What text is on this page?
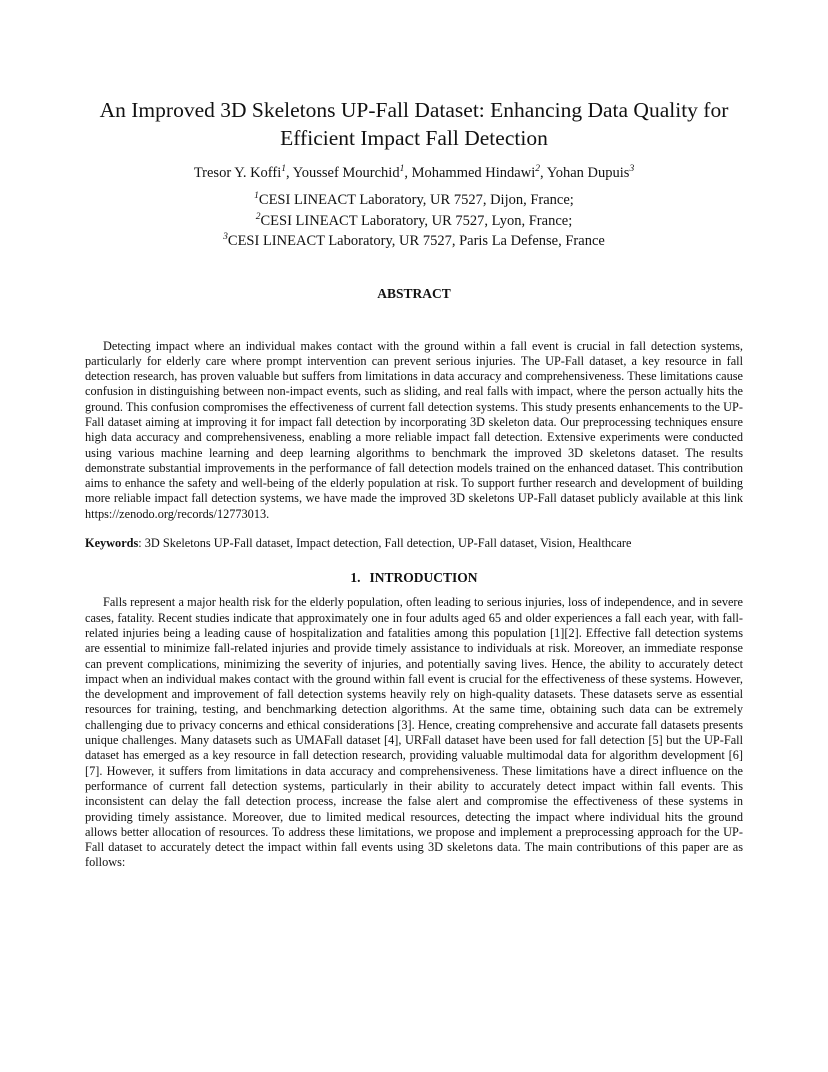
An Improved 3D Skeletons UP-Fall Dataset: Enhancing Data Quality for Efficient Impact Fall Detection
Tresor Y. Koffi$^1$, Youssef Mourchid$^1$, Mohammed Hindawi$^2$, Yohan Dupuis$^3$
$^1$CESI LINEACT Laboratory, UR 7527, Dijon, France;
$^2$CESI LINEACT Laboratory, UR 7527, Lyon, France;
$^3$CESI LINEACT Laboratory, UR 7527, Paris La Defense, France
ABSTRACT

Detecting impact where an individual makes contact with the ground within a fall event is crucial in fall detection systems, particularly for elderly care where prompt intervention can prevent serious injuries. The UP-Fall dataset, a key resource in fall detection research, has proven valuable but suffers from limitations in data accuracy and comprehensiveness. These limitations cause confusion in distinguishing between non-impact events, such as sliding, and real falls with impact, where the person actually hits the ground. This confusion compromises the effectiveness of current fall detection systems. This study presents enhancements to the UP-Fall dataset aiming at improving it for impact fall detection by incorporating 3D skeleton data. Our preprocessing techniques ensure high data accuracy and comprehensiveness, enabling a more reliable impact fall detection. Extensive experiments were conducted using various machine learning and deep learning algorithms to benchmark the improved 3D skeletons dataset. The results demonstrate substantial improvements in the performance of fall detection models trained on the enhanced dataset. This contribution aims to enhance the safety and well-being of the elderly population at risk. To support further research and development of building more reliable impact fall detection systems, we have made the improved 3D skeletons UP-Fall dataset publicly available at this link https://zenodo.org/records/12773013.

Keywords: 3D Skeletons UP-Fall dataset, Impact detection, Fall detection, UP-Fall dataset, Vision, Healthcare

1. INTRODUCTION

Falls represent a major health risk for the elderly population, often leading to serious injuries, loss of independence, and in severe cases, fatality. Recent studies indicate that approximately one in four adults aged 65 and older experiences a fall each year, with fall-related injuries being a leading cause of hospitalization and fatalities among this population [1][2]. Effective fall detection systems are essential to minimize fall-related injuries and provide timely assistance to individuals at risk. Moreover, an immediate response can prevent complications, minimizing the severity of injuries, and potentially saving lives. Hence, the ability to accurately detect impact when an individual makes contact with the ground within fall event is crucial for the effectiveness of these systems. However, the development and improvement of fall detection systems heavily rely on high-quality datasets. These datasets serve as essential resources for training, testing, and benchmarking detection algorithms. At the same time, obtaining such data can be extremely challenging due to privacy concerns and ethical considerations [3]. Hence, creating comprehensive and accurate fall datasets presents unique challenges. Many datasets such as UMAFall dataset [4], URFall dataset have been used for fall detection [5] but the UP-Fall dataset has emerged as a key resource in fall detection research, providing valuable multimodal data for algorithm development [6] [7]. However, it suffers from limitations in data accuracy and comprehensiveness. These limitations have a direct influence on the performance of current fall detection systems, particularly in their ability to accurately detect impact within fall events. This inconsistent can delay the fall detection process, increase the false alert and compromise the effectiveness of these systems in providing timely assistance. Moreover, due to limited medical resources, detecting the impact where individual hits the ground allows better allocation of resources. To address these limitations, we propose and implement a preprocessing approach for the UP-Fall dataset to accurately detect the impact within fall events using 3D skeletons data. The main contributions of this paper are as follows:
